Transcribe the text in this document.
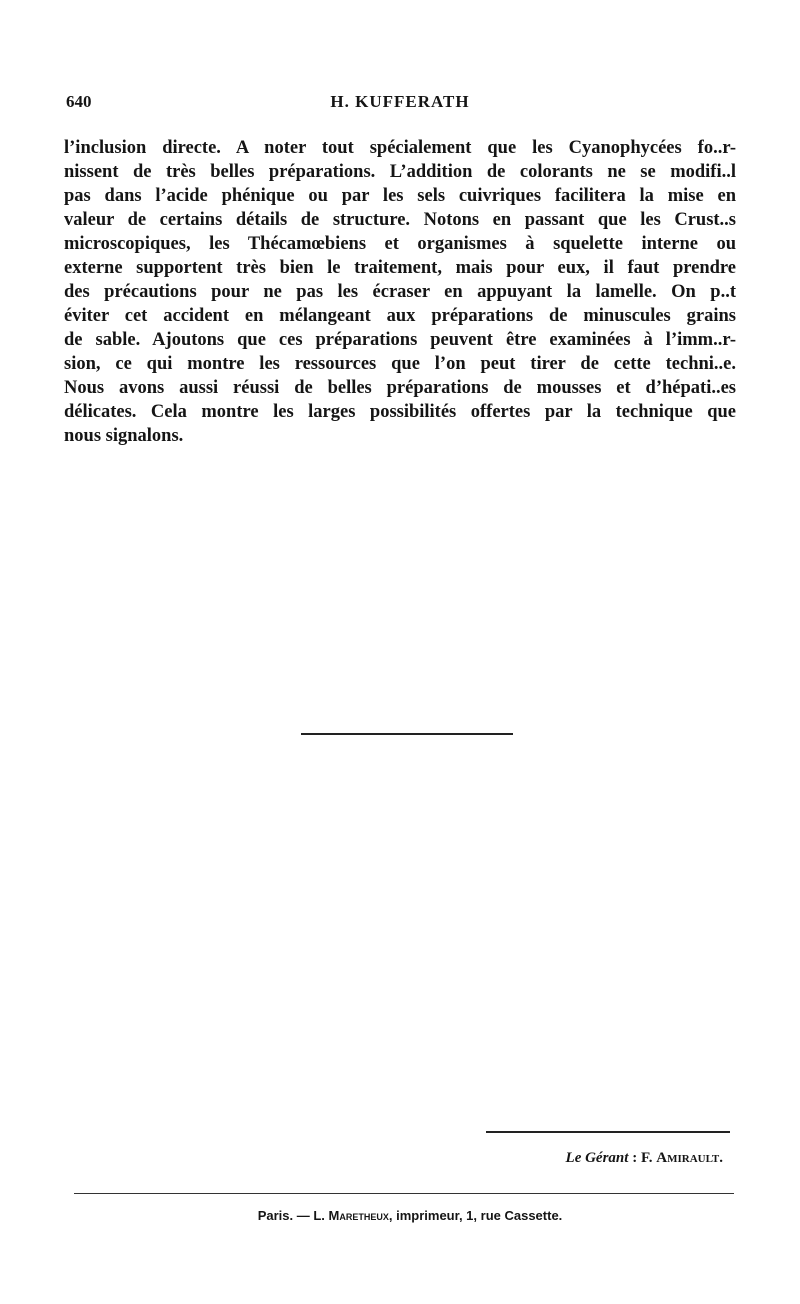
640	H. KUFFERATH
l’inclusion directe. A noter tout spécialement que les Cyanophycées fo..r-
nissent de très belles préparations. L’addition de colorants ne se modifi..l
pas dans l’acide phénique ou par les sels cuivriques facilitera la mise en
valeur de certains détails de structure. Notons en passant que les Crust..s
microscopiques, les Thécamœbiens et organismes à squelette interne ou
externe supportent très bien le traitement, mais pour eux, il faut prendre
des précautions pour ne pas les écraser en appuyant la lamelle. On p..t
éviter cet accident en mélangeant aux préparations de minuscules grains
de sable. Ajoutons que ces préparations peuvent être examinées à l’imm..r-
sion, ce qui montre les ressources que l’on peut tirer de cette techni..e.
Nous avons aussi réussi de belles préparations de mousses et d’hépati..es
délicates. Cela montre les larges possibilités offertes par la technique que
nous signalons.
Le Gérant : F. Amirault.
Paris. — L. Maretheux, imprimeur, 1, rue Cassette.
